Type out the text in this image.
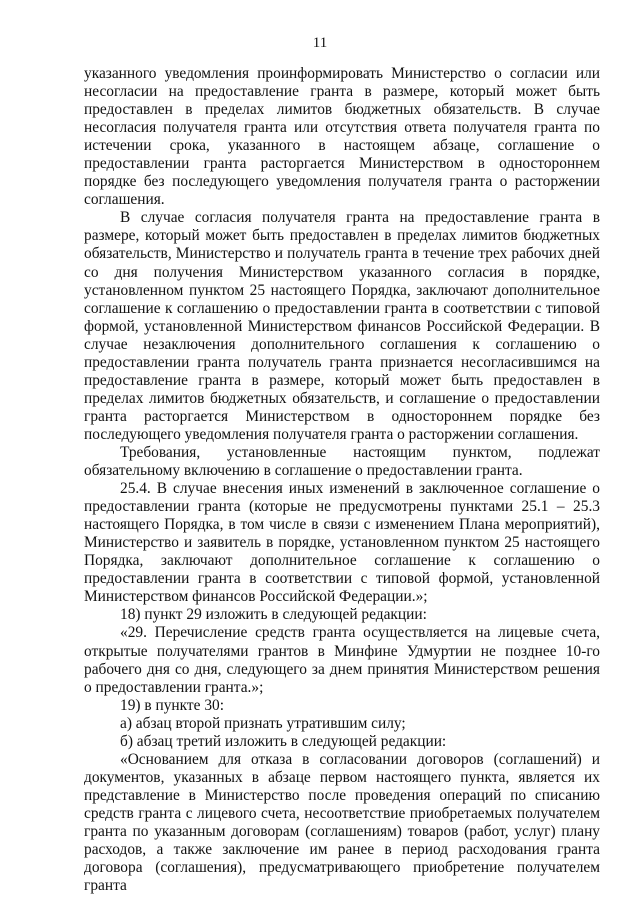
11

указанного уведомления проинформировать Министерство о согласии или несогласии на предоставление гранта в размере, который может быть предоставлен в пределах лимитов бюджетных обязательств. В случае несогласия получателя гранта или отсутствия ответа получателя гранта по истечении срока, указанного в настоящем абзаце, соглашение о предоставлении гранта расторгается Министерством в одностороннем порядке без последующего уведомления получателя гранта о расторжении соглашения.

В случае согласия получателя гранта на предоставление гранта в размере, который может быть предоставлен в пределах лимитов бюджетных обязательств, Министерство и получатель гранта в течение трех рабочих дней со дня получения Министерством указанного согласия в порядке, установленном пунктом 25 настоящего Порядка, заключают дополнительное соглашение к соглашению о предоставлении гранта в соответствии с типовой формой, установленной Министерством финансов Российской Федерации. В случае незаключения дополнительного соглашения к соглашению о предоставлении гранта получатель гранта признается несогласившимся на предоставление гранта в размере, который может быть предоставлен в пределах лимитов бюджетных обязательств, и соглашение о предоставлении гранта расторгается Министерством в одностороннем порядке без последующего уведомления получателя гранта о расторжении соглашения.

Требования, установленные настоящим пунктом, подлежат обязательному включению в соглашение о предоставлении гранта.

25.4. В случае внесения иных изменений в заключенное соглашение о предоставлении гранта (которые не предусмотрены пунктами 25.1 – 25.3 настоящего Порядка, в том числе в связи с изменением Плана мероприятий), Министерство и заявитель в порядке, установленном пунктом 25 настоящего Порядка, заключают дополнительное соглашение к соглашению о предоставлении гранта в соответствии с типовой формой, установленной Министерством финансов Российской Федерации.»;

18) пункт 29 изложить в следующей редакции:

«29. Перечисление средств гранта осуществляется на лицевые счета, открытые получателями грантов в Минфине Удмуртии не позднее 10-го рабочего дня со дня, следующего за днем принятия Министерством решения о предоставлении гранта.»;

19) в пункте 30:

а) абзац второй признать утратившим силу;

б) абзац третий изложить в следующей редакции:

«Основанием для отказа в согласовании договоров (соглашений) и документов, указанных в абзаце первом настоящего пункта, является их представление в Министерство после проведения операций по списанию средств гранта с лицевого счета, несоответствие приобретаемых получателем гранта по указанным договорам (соглашениям) товаров (работ, услуг) плану расходов, а также заключение им ранее в период расходования гранта договора (соглашения), предусматривающего приобретение получателем гранта
